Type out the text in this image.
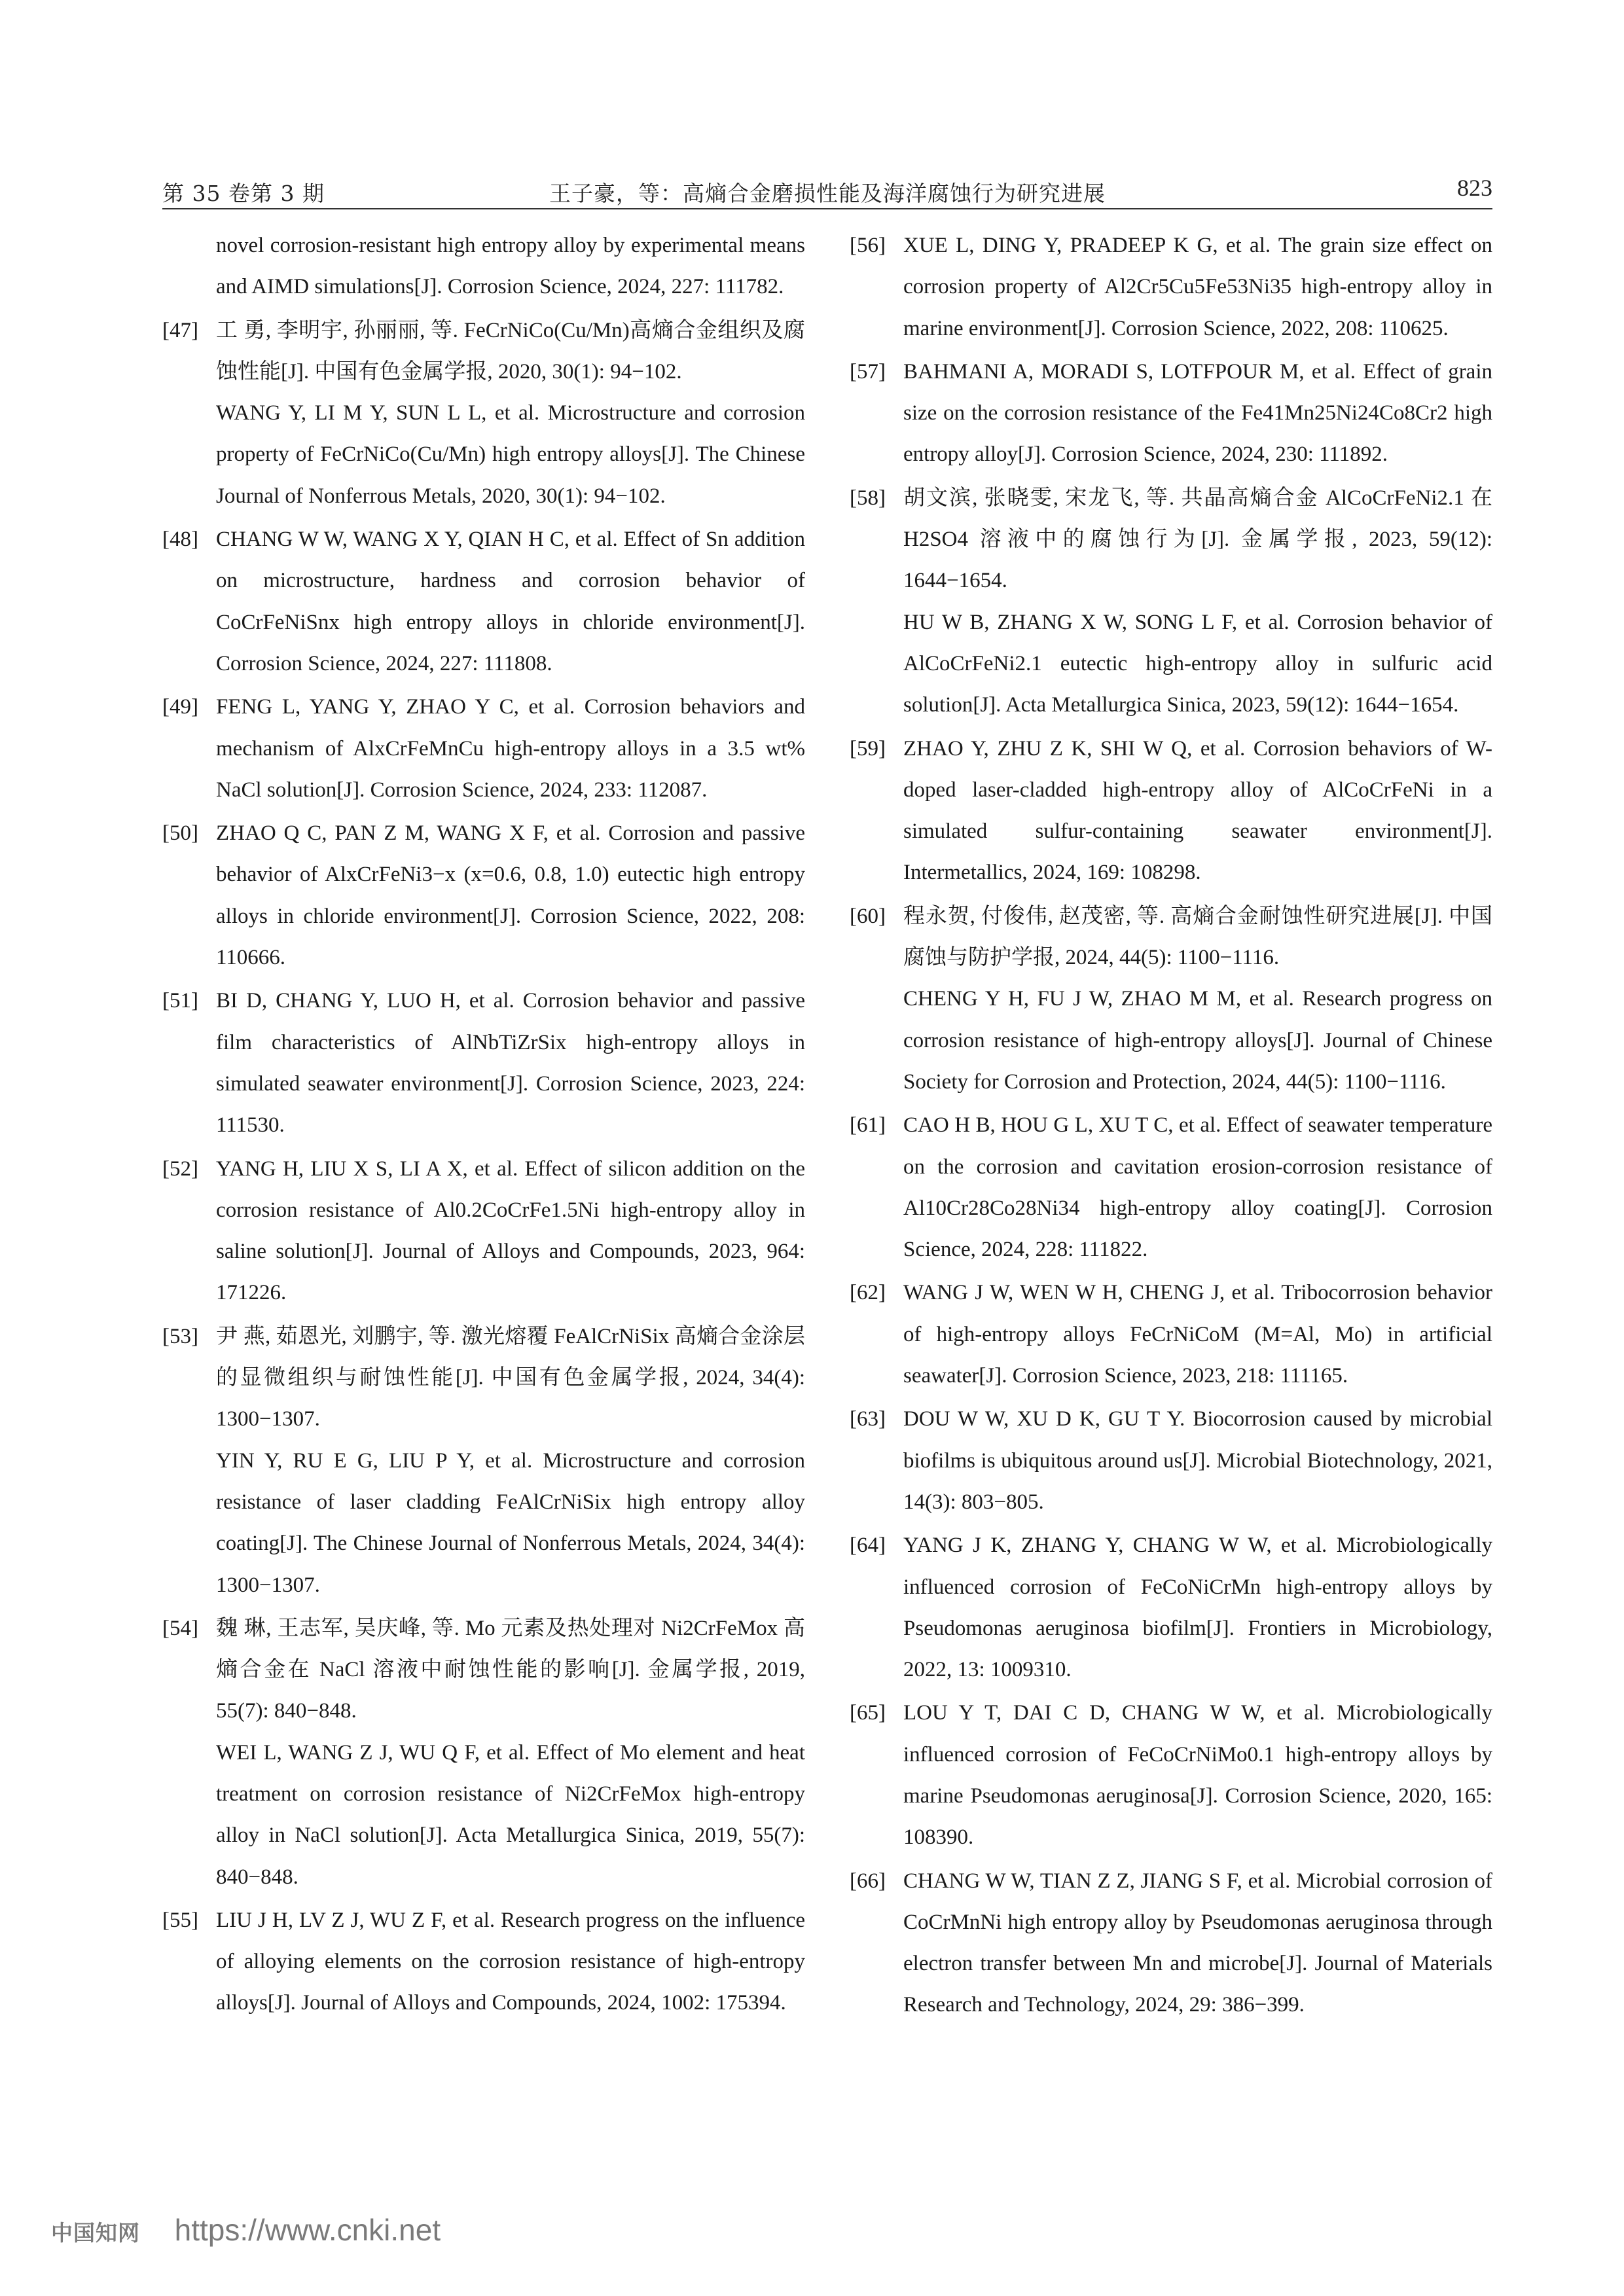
第 35 卷第 3 期	王子豪，等：高熵合金磨损性能及海洋腐蚀行为研究进展	823
novel corrosion-resistant high entropy alloy by experimental means and AIMD simulations[J]. Corrosion Science, 2024, 227: 111782.
[47] 工 勇, 李明宇, 孙丽丽, 等. FeCrNiCo(Cu/Mn)高熵合金组织及腐蚀性能[J]. 中国有色金属学报, 2020, 30(1): 94−102.
WANG Y, LI M Y, SUN L L, et al. Microstructure and corrosion property of FeCrNiCo(Cu/Mn) high entropy alloys[J]. The Chinese Journal of Nonferrous Metals, 2020, 30(1): 94−102.
[48] CHANG W W, WANG X Y, QIAN H C, et al. Effect of Sn addition on microstructure, hardness and corrosion behavior of CoCrFeNiSnx high entropy alloys in chloride environment[J]. Corrosion Science, 2024, 227: 111808.
[49] FENG L, YANG Y, ZHAO Y C, et al. Corrosion behaviors and mechanism of AlxCrFeMnCu high-entropy alloys in a 3.5 wt% NaCl solution[J]. Corrosion Science, 2024, 233: 112087.
[50] ZHAO Q C, PAN Z M, WANG X F, et al. Corrosion and passive behavior of AlxCrFeNi3−x (x=0.6, 0.8, 1.0) eutectic high entropy alloys in chloride environment[J]. Corrosion Science, 2022, 208: 110666.
[51] BI D, CHANG Y, LUO H, et al. Corrosion behavior and passive film characteristics of AlNbTiZrSix high-entropy alloys in simulated seawater environment[J]. Corrosion Science, 2023, 224: 111530.
[52] YANG H, LIU X S, LI A X, et al. Effect of silicon addition on the corrosion resistance of Al0.2CoCrFe1.5Ni high-entropy alloy in saline solution[J]. Journal of Alloys and Compounds, 2023, 964: 171226.
[53] 尹 燕, 茹恩光, 刘鹏宇, 等. 激光熔覆 FeAlCrNiSix 高熵合金涂层的显微组织与耐蚀性能[J]. 中国有色金属学报, 2024, 34(4): 1300−1307.
YIN Y, RU E G, LIU P Y, et al. Microstructure and corrosion resistance of laser cladding FeAlCrNiSix high entropy alloy coating[J]. The Chinese Journal of Nonferrous Metals, 2024, 34(4): 1300−1307.
[54] 魏 琳, 王志军, 吴庆峰, 等. Mo 元素及热处理对 Ni2CrFeMox 高熵合金在 NaCl 溶液中耐蚀性能的影响[J]. 金属学报, 2019, 55(7): 840−848.
WEI L, WANG Z J, WU Q F, et al. Effect of Mo element and heat treatment on corrosion resistance of Ni2CrFeMox high-entropy alloy in NaCl solution[J]. Acta Metallurgica Sinica, 2019, 55(7): 840−848.
[55] LIU J H, LV Z J, WU Z F, et al. Research progress on the influence of alloying elements on the corrosion resistance of high-entropy alloys[J]. Journal of Alloys and Compounds, 2024, 1002: 175394.
[56] XUE L, DING Y, PRADEEP K G, et al. The grain size effect on corrosion property of Al2Cr5Cu5Fe53Ni35 high-entropy alloy in marine environment[J]. Corrosion Science, 2022, 208: 110625.
[57] BAHMANI A, MORADI S, LOTFPOUR M, et al. Effect of grain size on the corrosion resistance of the Fe41Mn25Ni24Co8Cr2 high entropy alloy[J]. Corrosion Science, 2024, 230: 111892.
[58] 胡文滨, 张晓雯, 宋龙飞, 等. 共晶高熵合金 AlCoCrFeNi2.1 在 H2SO4 溶液中的腐蚀行为[J]. 金属学报, 2023, 59(12): 1644−1654.
HU W B, ZHANG X W, SONG L F, et al. Corrosion behavior of AlCoCrFeNi2.1 eutectic high-entropy alloy in sulfuric acid solution[J]. Acta Metallurgica Sinica, 2023, 59(12): 1644−1654.
[59] ZHAO Y, ZHU Z K, SHI W Q, et al. Corrosion behaviors of W-doped laser-cladded high-entropy alloy of AlCoCrFeNi in a simulated sulfur-containing seawater environment[J]. Intermetallics, 2024, 169: 108298.
[60] 程永贺, 付俊伟, 赵茂密, 等. 高熵合金耐蚀性研究进展[J]. 中国腐蚀与防护学报, 2024, 44(5): 1100−1116.
CHENG Y H, FU J W, ZHAO M M, et al. Research progress on corrosion resistance of high-entropy alloys[J]. Journal of Chinese Society for Corrosion and Protection, 2024, 44(5): 1100−1116.
[61] CAO H B, HOU G L, XU T C, et al. Effect of seawater temperature on the corrosion and cavitation erosion-corrosion resistance of Al10Cr28Co28Ni34 high-entropy alloy coating[J]. Corrosion Science, 2024, 228: 111822.
[62] WANG J W, WEN W H, CHENG J, et al. Tribocorrosion behavior of high-entropy alloys FeCrNiCoM (M=Al, Mo) in artificial seawater[J]. Corrosion Science, 2023, 218: 111165.
[63] DOU W W, XU D K, GU T Y. Biocorrosion caused by microbial biofilms is ubiquitous around us[J]. Microbial Biotechnology, 2021, 14(3): 803−805.
[64] YANG J K, ZHANG Y, CHANG W W, et al. Microbiologically influenced corrosion of FeCoNiCrMn high-entropy alloys by Pseudomonas aeruginosa biofilm[J]. Frontiers in Microbiology, 2022, 13: 1009310.
[65] LOU Y T, DAI C D, CHANG W W, et al. Microbiologically influenced corrosion of FeCoCrNiMo0.1 high-entropy alloys by marine Pseudomonas aeruginosa[J]. Corrosion Science, 2020, 165: 108390.
[66] CHANG W W, TIAN Z Z, JIANG S F, et al. Microbial corrosion of CoCrMnNi high entropy alloy by Pseudomonas aeruginosa through electron transfer between Mn and microbe[J]. Journal of Materials Research and Technology, 2024, 29: 386−399.
中国知网 https://www.cnki.net
